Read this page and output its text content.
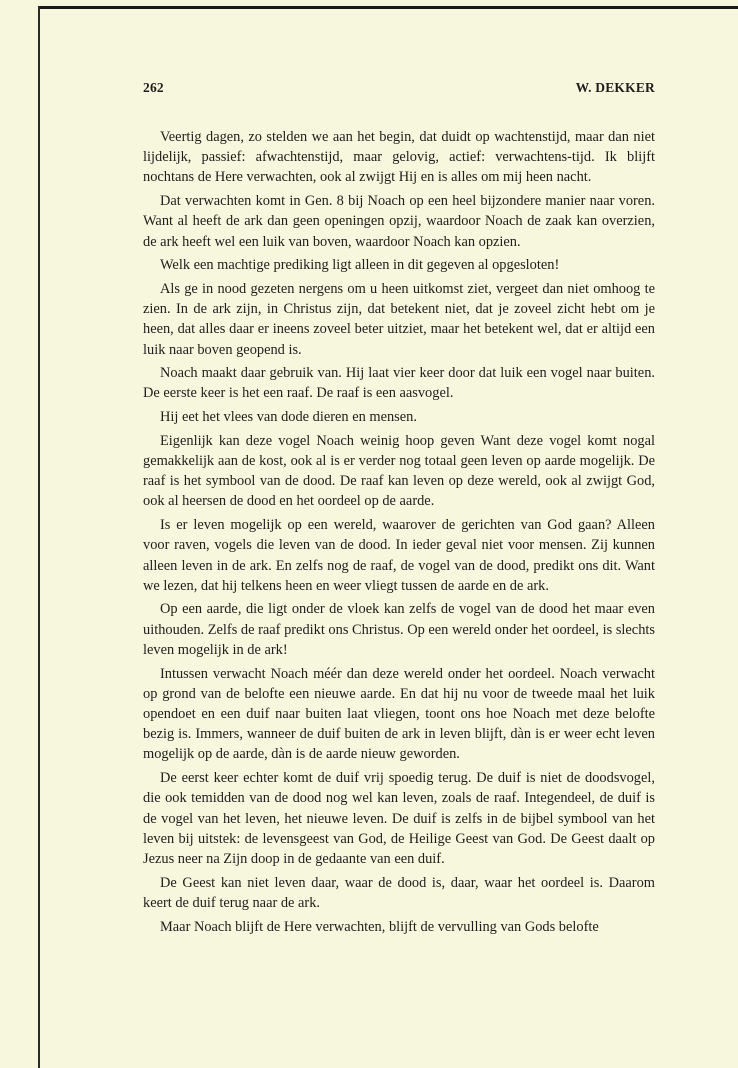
262	W. DEKKER

Veertig dagen, zo stelden we aan het begin, dat duidt op wachtenstijd, maar dan niet lijdelijk, passief: afwachtenstijd, maar gelovig, actief: verwachtens-tijd. Ik blijft nochtans de Here verwachten, ook al zwijgt Hij en is alles om mij heen nacht.

Dat verwachten komt in Gen. 8 bij Noach op een heel bijzondere manier naar voren. Want al heeft de ark dan geen openingen opzij, waardoor Noach de zaak kan overzien, de ark heeft wel een luik van boven, waardoor Noach kan opzien.

Welk een machtige prediking ligt alleen in dit gegeven al opgesloten!

Als ge in nood gezeten nergens om u heen uitkomst ziet, vergeet dan niet omhoog te zien. In de ark zijn, in Christus zijn, dat betekent niet, dat je zoveel zicht hebt om je heen, dat alles daar er ineens zoveel beter uitziet, maar het betekent wel, dat er altijd een luik naar boven geopend is.

Noach maakt daar gebruik van. Hij laat vier keer door dat luik een vogel naar buiten. De eerste keer is het een raaf. De raaf is een aasvogel.

Hij eet het vlees van dode dieren en mensen.

Eigenlijk kan deze vogel Noach weinig hoop geven Want deze vogel komt nogal gemakkelijk aan de kost, ook al is er verder nog totaal geen leven op aarde mogelijk. De raaf is het symbool van de dood. De raaf kan leven op deze wereld, ook al zwijgt God, ook al heersen de dood en het oordeel op de aarde.

Is er leven mogelijk op een wereld, waarover de gerichten van God gaan? Alleen voor raven, vogels die leven van de dood. In ieder geval niet voor mensen. Zij kunnen alleen leven in de ark. En zelfs nog de raaf, de vogel van de dood, predikt ons dit. Want we lezen, dat hij telkens heen en weer vliegt tussen de aarde en de ark.

Op een aarde, die ligt onder de vloek kan zelfs de vogel van de dood het maar even uithouden. Zelfs de raaf predikt ons Christus. Op een wereld onder het oordeel, is slechts leven mogelijk in de ark!

Intussen verwacht Noach méér dan deze wereld onder het oordeel. Noach verwacht op grond van de belofte een nieuwe aarde. En dat hij nu voor de tweede maal het luik opendoet en een duif naar buiten laat vliegen, toont ons hoe Noach met deze belofte bezig is. Immers, wanneer de duif buiten de ark in leven blijft, dàn is er weer echt leven mogelijk op de aarde, dàn is de aarde nieuw geworden.

De eerst keer echter komt de duif vrij spoedig terug. De duif is niet de doodsvogel, die ook temidden van de dood nog wel kan leven, zoals de raaf. Integendeel, de duif is de vogel van het leven, het nieuwe leven. De duif is zelfs in de bijbel symbool van het leven bij uitstek: de levensgeest van God, de Heilige Geest van God. De Geest daalt op Jezus neer na Zijn doop in de gedaante van een duif.

De Geest kan niet leven daar, waar de dood is, daar, waar het oordeel is. Daarom keert de duif terug naar de ark.

Maar Noach blijft de Here verwachten, blijft de vervulling van Gods belofte
